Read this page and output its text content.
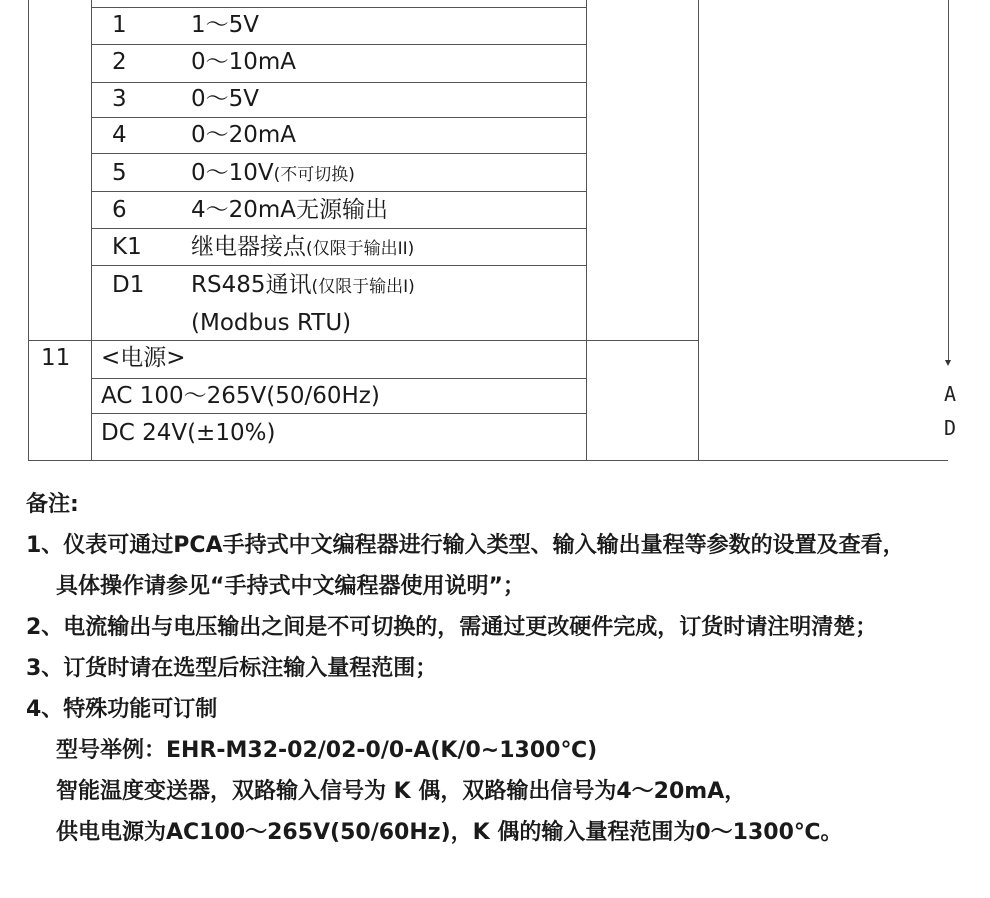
1	1～5V
2	0～10mA
3	0～5V
4	0～20mA
5	0～10V(不可切换)
6	4～20mA无源输出
K1 继电器接点(仅限于输出II)
D1 RS485通讯(仅限于输出I)
(Modbus RTU)
11 <电源>
AC 100～265V(50/60Hz)
DC 24V(±10%)
A
D
备注:
1、仪表可通过PCA手持式中文编程器进行输入类型、输入输出量程等参数的设置及查看，
具体操作请参见“手持式中文编程器使用说明”；
2、电流输出与电压输出之间是不可切换的，需通过更改硬件完成，订货时请注明清楚；
3、订货时请在选型后标注输入量程范围；
4、特殊功能可订制
型号举例：EHR-M32-02/02-0/0-A(K/0~1300℃)
智能温度变送器，双路输入信号为 K 偶，双路输出信号为4～20mA，
供电电源为AC100～265V(50/60Hz)，K 偶的输入量程范围为0～1300℃。
